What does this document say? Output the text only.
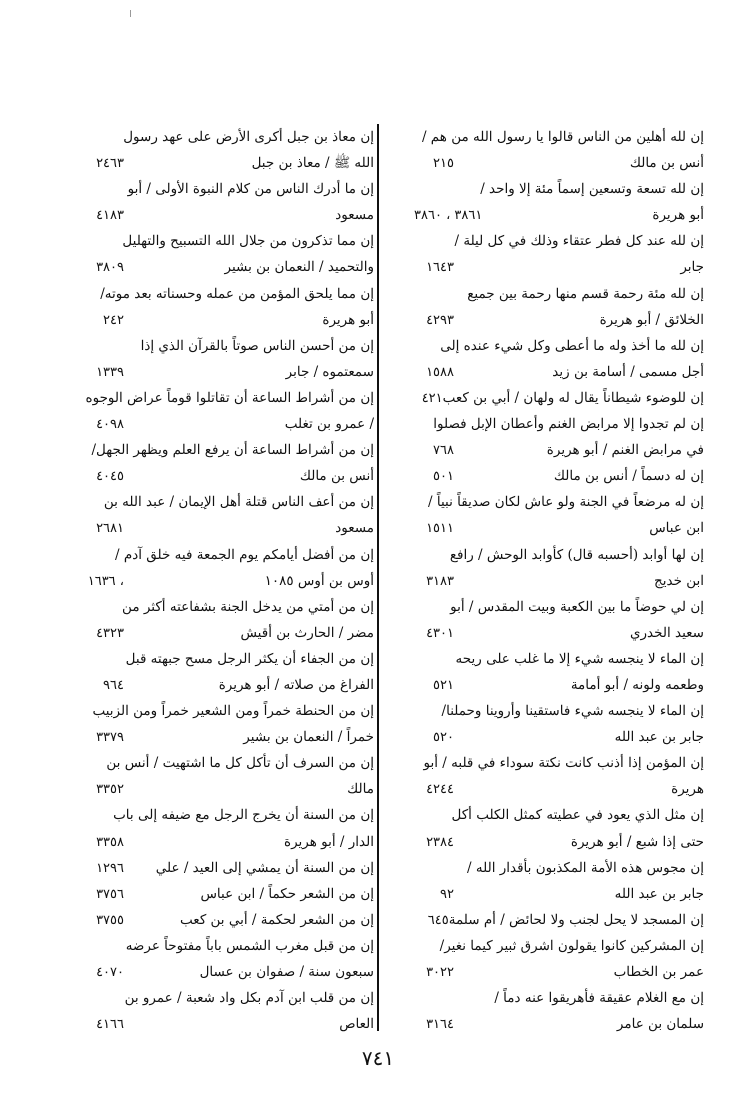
إن لله أهلين من الناس قالوا يا رسول الله من هم /
أنس بن مالك
٢١٥
إن لله تسعة وتسعين إسماً مئة إلا واحد /
أبو هريرة
٣٨٦١ ، ٣٨٦٠
إن لله عند كل فطر عتقاء وذلك في كل ليلة /
جابر
١٦٤٣
إن لله مئة رحمة قسم منها رحمة بين جميع
الخلائق / أبو هريرة
٤٢٩٣
إن لله ما أخذ وله ما أعطى وكل شيء عنده إلى
أجل مسمى / أسامة بن زيد
١٥٨٨
إن للوضوء شيطاناً يقال له ولهان / أبي بن كعب
٤٢١
إن لم تجدوا إلا مرابض الغنم وأعطان الإبل فصلوا
في مرابض الغنم / أبو هريرة
٧٦٨
إن له دسماً / أنس بن مالك
٥٠١
إن له مرضعاً في الجنة ولو عاش لكان صديقاً نبياً /
ابن عباس
١٥١١
إن لها أوابد (أحسبه قال) كأوابد الوحش / رافع
ابن خديج
٣١٨٣
إن لي حوضاً ما بين الكعبة وبيت المقدس / أبو
سعيد الخدري
٤٣٠١
إن الماء لا ينجسه شيء إلا ما غلب على ريحه
وطعمه ولونه / أبو أمامة
٥٢١
إن الماء لا ينجسه شيء فاستقينا وأروينا وحملنا/
جابر بن عبد الله
٥٢٠
إن المؤمن إذا أذنب كانت نكتة سوداء في قلبه / أبو
هريرة
٤٢٤٤
إن مثل الذي يعود في عطيته كمثل الكلب أكل
حتى إذا شبع / أبو هريرة
٢٣٨٤
إن مجوس هذه الأمة المكذبون بأقدار الله /
جابر بن عبد الله
٩٢
إن المسجد لا يحل لجنب ولا لحائض / أم سلمة
٦٤٥
إن المشركين كانوا يقولون اشرق ثبير كيما نغير/
عمر بن الخطاب
٣٠٢٢
إن مع الغلام عقيقة فأهريقوا عنه دماً /
سلمان بن عامر
٣١٦٤
إن معاذ بن جبل أكرى الأرض على عهد رسول
الله ﷺ / معاذ بن جبل
٢٤٦٣
إن ما أدرك الناس من كلام النبوة الأولى / أبو
مسعود
٤١٨٣
إن مما تذكرون من جلال الله التسبيح والتهليل
والتحميد / النعمان بن بشير
٣٨٠٩
إن مما يلحق المؤمن من عمله وحسناته بعد موته/
أبو هريرة
٢٤٢
إن من أحسن الناس صوتاً بالقرآن الذي إذا
سمعتموه / جابر
١٣٣٩
إن من أشراط الساعة أن تقاتلوا قوماً عراض الوجوه
/ عمرو بن تغلب
٤٠٩٨
إن من أشراط الساعة أن يرفع العلم ويظهر الجهل/
أنس بن مالك
٤٠٤٥
إن من أعف الناس قتلة أهل الإيمان / عبد الله بن
مسعود
٢٦٨١
إن من أفضل أيامكم يوم الجمعة فيه خلق آدم /
أوس بن أوس ١٠٨٥
١٦٣٦ ،
إن من أمتي من يدخل الجنة بشفاعته أكثر من
مضر / الحارث بن أقيش
٤٣٢٣
إن من الجفاء أن يكثر الرجل مسح جبهته قبل
الفراغ من صلاته / أبو هريرة
٩٦٤
إن من الحنطة خمراً ومن الشعير خمراً ومن الزبيب
خمراً / النعمان بن بشير
٣٣٧٩
إن من السرف أن تأكل كل ما اشتهيت / أنس بن
مالك
٣٣٥٢
إن من السنة أن يخرج الرجل مع ضيفه إلى باب
الدار / أبو هريرة
٣٣٥٨
إن من السنة أن يمشي إلى العيد / علي
١٢٩٦
إن من الشعر حكماً / ابن عباس
٣٧٥٦
إن من الشعر لحكمة / أبي بن كعب
٣٧٥٥
إن من قبل مغرب الشمس باباً مفتوحاً عرضه
سبعون سنة / صفوان بن عسال
٤٠٧٠
إن من قلب ابن آدم بكل واد شعبة / عمرو بن
العاص
٤١٦٦
٧٤١
